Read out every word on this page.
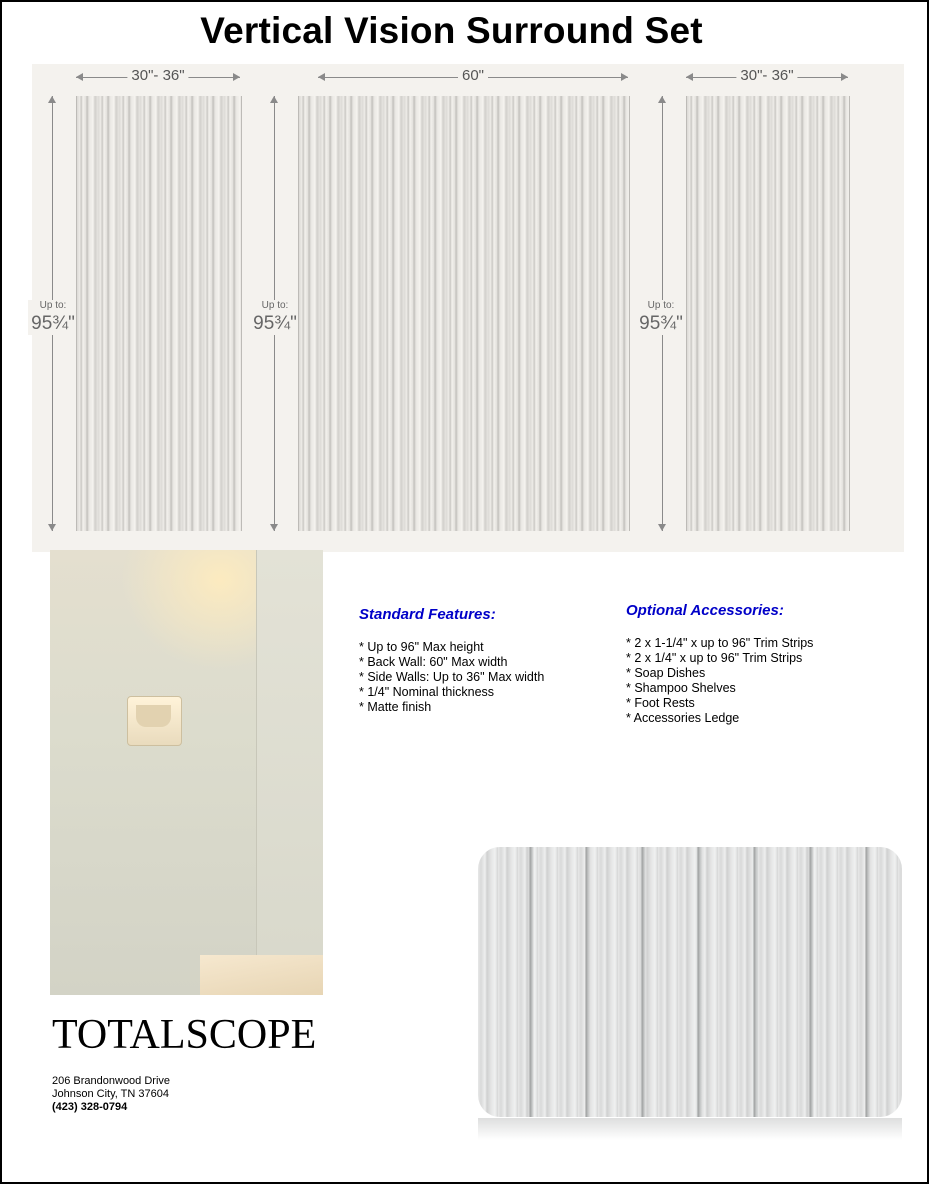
Vertical Vision Surround Set
30"- 36"
Up to:
95¾"
60"
Up to:
95¾"
30"- 36"
Up to:
95¾"
Standard Features:
* Up to 96" Max height
* Back Wall: 60" Max width
* Side Walls: Up to 36" Max width
* 1/4" Nominal thickness
* Matte finish
Optional Accessories:
* 2 x 1-1/4" x up to 96" Trim Strips
* 2 x 1/4" x up to 96" Trim Strips
* Soap Dishes
* Shampoo Shelves
* Foot Rests
* Accessories Ledge
TOTALSCOPE
206 Brandonwood Drive
Johnson City, TN 37604
(423) 328-0794
